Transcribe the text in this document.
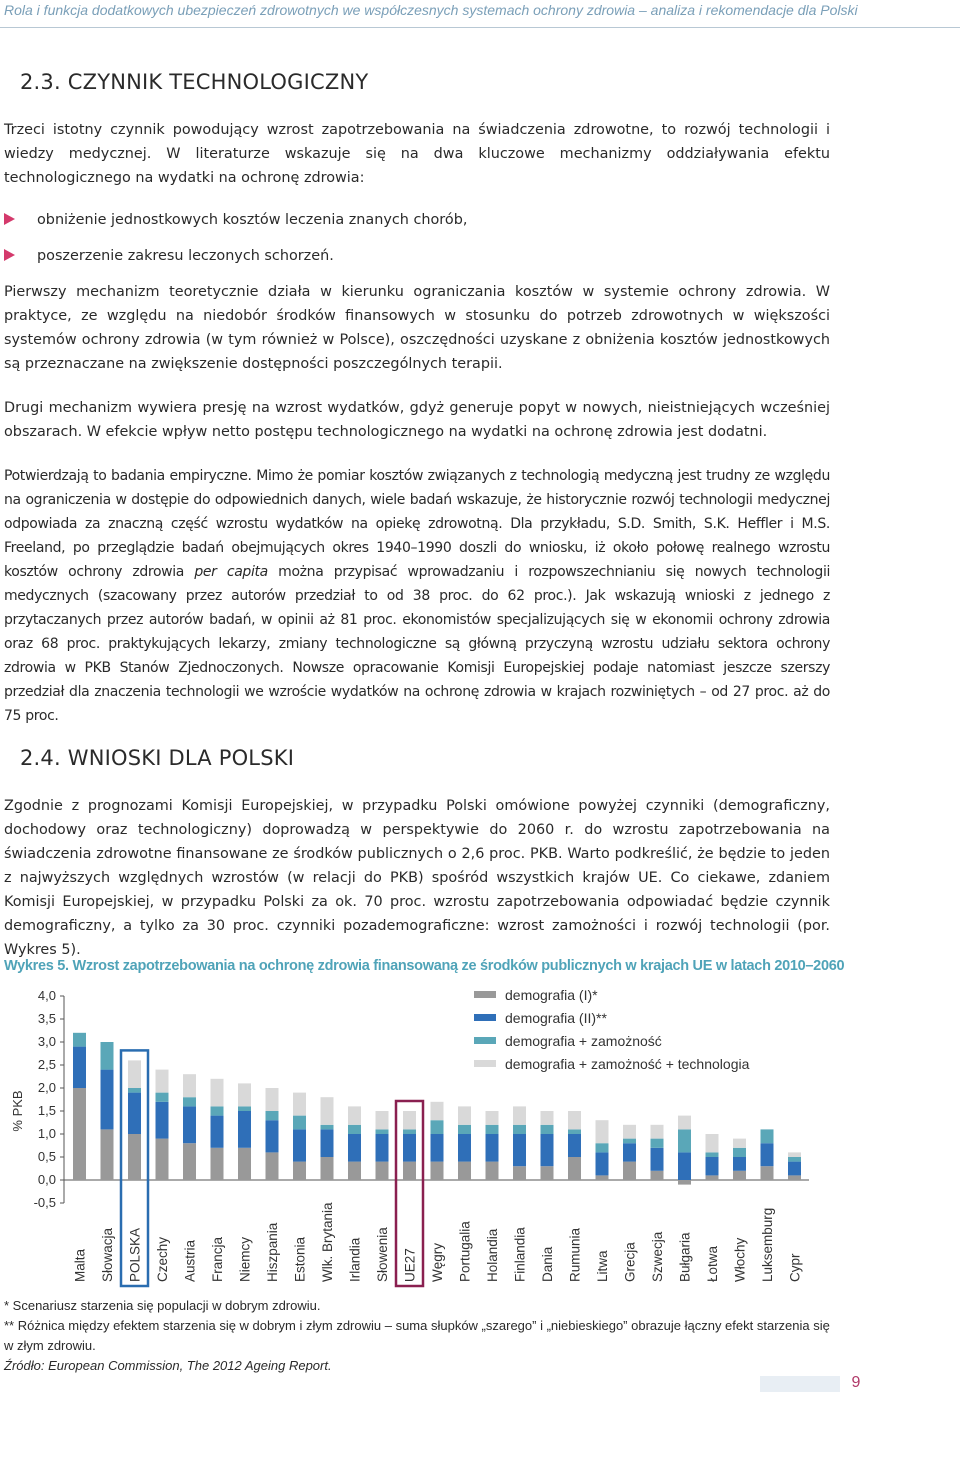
Rola i funkcja dodatkowych ubezpieczeń zdrowotnych we współczesnych systemach ochrony zdrowia – analiza i rekomendacje dla Polski
2.3. CZYNNIK TECHNOLOGICZNY

Trzeci istotny czynnik powodujący wzrost zapotrzebowania na świadczenia zdrowotne, to rozwój technologii i wiedzy medycznej. W literaturze wskazuje się na dwa kluczowe mechanizmy oddziaływania efektu technologicznego na wydatki na ochronę zdrowia:

obniżenie jednostkowych kosztów leczenia znanych chorób,
poszerzenie zakresu leczonych schorzeń.

Pierwszy mechanizm teoretycznie działa w kierunku ograniczania kosztów w systemie ochrony zdrowia. W praktyce, ze względu na niedobór środków finansowych w stosunku do potrzeb zdrowotnych w większości systemów ochrony zdrowia (w tym również w Polsce), oszczędności uzyskane z obniżenia kosztów jednostkowych są przeznaczane na zwiększenie dostępności poszczególnych terapii.

Drugi mechanizm wywiera presję na wzrost wydatków, gdyż generuje popyt w nowych, nieistniejących wcześniej obszarach. W efekcie wpływ netto postępu technologicznego na wydatki na ochronę zdrowia jest dodatni.

Potwierdzają to badania empiryczne. Mimo że pomiar kosztów związanych z technologią medyczną jest trudny ze względu na ograniczenia w dostępie do odpowiednich danych, wiele badań wskazuje, że historycznie rozwój technologii medycznej odpowiada za znaczną część wzrostu wydatków na opiekę zdrowotną. Dla przykładu, S.D. Smith, S.K. Heffler i M.S. Freeland, po przeglądzie badań obejmujących okres 1940–1990 doszli do wniosku, iż około połowę realnego wzrostu kosztów ochrony zdrowia per capita można przypisać wprowadzaniu i rozpowszechnianiu się nowych technologii medycznych (szacowany przez autorów przedział to od 38 proc. do 62 proc.). Jak wskazują wnioski z jednego z przytaczanych przez autorów badań, w opinii aż 81 proc. ekonomistów specjalizujących się w ekonomii ochrony zdrowia oraz 68 proc. praktykujących lekarzy, zmiany technologiczne są główną przyczyną wzrostu udziału sektora ochrony zdrowia w PKB Stanów Zjednoczonych. Nowsze opracowanie Komisji Europejskiej podaje natomiast jeszcze szerszy przedział dla znaczenia technologii we wzroście wydatków na ochronę zdrowia w krajach rozwiniętych – od 27 proc. aż do 75 proc.

2.4. WNIOSKI DLA POLSKI

Zgodnie z prognozami Komisji Europejskiej, w przypadku Polski omówione powyżej czynniki (demograficzny, dochodowy oraz technologiczny) doprowadzą w perspektywie do 2060 r. do wzrostu zapotrzebowania na świadczenia zdrowotne finansowane ze środków publicznych o 2,6 proc. PKB. Warto podkreślić, że będzie to jeden z najwyższych względnych wzrostów (w relacji do PKB) spośród wszystkich krajów UE. Co ciekawe, zdaniem Komisji Europejskiej, w przypadku Polski za ok. 70 proc. wzrostu zapotrzebowania odpowiadać będzie czynnik demograficzny, a tylko za 30 proc. czynniki pozademograficzne: wzrost zamożności i rozwój technologii (por. Wykres 5).

Wykres 5. Wzrost zapotrzebowania na ochronę zdrowia finansowaną ze środków publicznych w krajach UE w latach 2010–2060
demografia (I)*
demografia (II)**
demografia + zamożność
demografia + zamożność + technologia
4,0
3,5
3,0
2,5
2,0
1,5
1,0
0,5
0,0
-0,5
% PKB
Malta Słowacja POLSKA Czechy Austria Francja Niemcy Hiszpania Estonia Wlk. Brytania Irlandia Słowenia UE27 Węgry Portugalia Holandia Finlandia Dania Rumunia Litwa Grecja Szwecja Bułgaria Łotwa Włochy Luksemburg Cypr

* Scenariusz starzenia się populacji w dobrym zdrowiu.

** Różnica między efektem starzenia się w dobrym i złym zdrowiu – suma słupków „szarego” i „niebieskiego” obrazuje łączny efekt starzenia się w złym zdrowiu.

Źródło: European Commission, The 2012 Ageing Report.

9
